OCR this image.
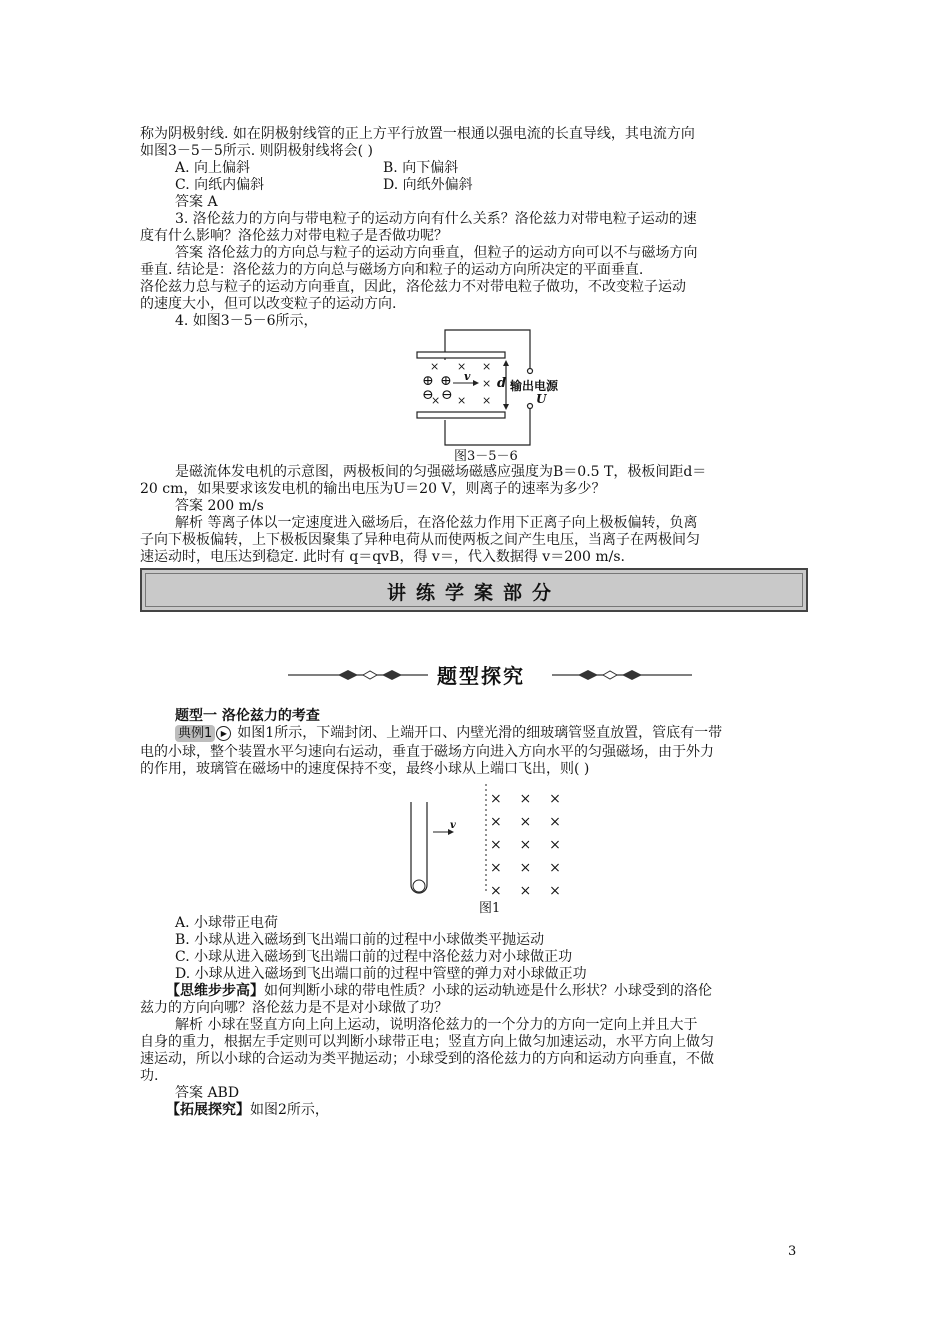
称为阴极射线. 如在阴极射线管的正上方平行放置一根通以强电流的长直导线，其电流方向

如图3－5－5所示. 则阴极射线将会( )

A. 向上偏斜	B. 向下偏斜

C. 向纸内偏斜	D. 向纸外偏斜

答案 A

3. 洛伦兹力的方向与带电粒子的运动方向有什么关系？洛伦兹力对带电粒子运动的速

度有什么影响？洛伦兹力对带电粒子是否做功呢？

答案 洛伦兹力的方向总与粒子的运动方向垂直，但粒子的运动方向可以不与磁场方向

垂直. 结论是：洛伦兹力的方向总与磁场方向和粒子的运动方向所决定的平面垂直.

洛伦兹力总与粒子的运动方向垂直，因此，洛伦兹力不对带电粒子做功，不改变粒子运动

的速度大小，但可以改变粒子的运动方向.

4. 如图3－5－6所示，

× × ×
⊕ ⊕ v
× d 输出电源
⊖
× ⊖ × ×	U
图3－5－6

是磁流体发电机的示意图，两极板间的匀强磁场磁感应强度为B＝0.5 T，极板间距d＝

20 cm，如果要求该发电机的输出电压为U＝20 V，则离子的速率为多少？

答案 200 m/s

解析 等离子体以一定速度进入磁场后，在洛伦兹力作用下正离子向上极板偏转，负离

子向下极板偏转，上下极板因聚集了异种电荷从而使两板之间产生电压，当离子在两极间匀

速运动时，电压达到稳定. 此时有 q＝qvB，得 v＝，代入数据得 v＝200 m/s.

讲练学案部分
题型探究

题型一 洛伦兹力的考查

典例1 ▶ 如图1所示，下端封闭、上端开口、内壁光滑的细玻璃管竖直放置，管底有一带

电的小球，整个装置水平匀速向右运动，垂直于磁场方向进入方向水平的匀强磁场，由于外力

的作用，玻璃管在磁场中的速度保持不变，最终小球从上端口飞出，则( )

v
× × ×
× × ×
× × ×
× × ×
× × ×
图1

A. 小球带正电荷

B. 小球从进入磁场到飞出端口前的过程中小球做类平抛运动

C. 小球从进入磁场到飞出端口前的过程中洛伦兹力对小球做正功

D. 小球从进入磁场到飞出端口前的过程中管壁的弹力对小球做正功

【思维步步高】如何判断小球的带电性质？小球的运动轨迹是什么形状？小球受到的洛伦

兹力的方向向哪？洛伦兹力是不是对小球做了功？

解析 小球在竖直方向上向上运动，说明洛伦兹力的一个分力的方向一定向上并且大于

自身的重力，根据左手定则可以判断小球带正电；竖直方向上做匀加速运动，水平方向上做匀

速运动，所以小球的合运动为类平抛运动；小球受到的洛伦兹力的方向和运动方向垂直，不做

功.

答案 ABD

【拓展探究】如图2所示，

3
